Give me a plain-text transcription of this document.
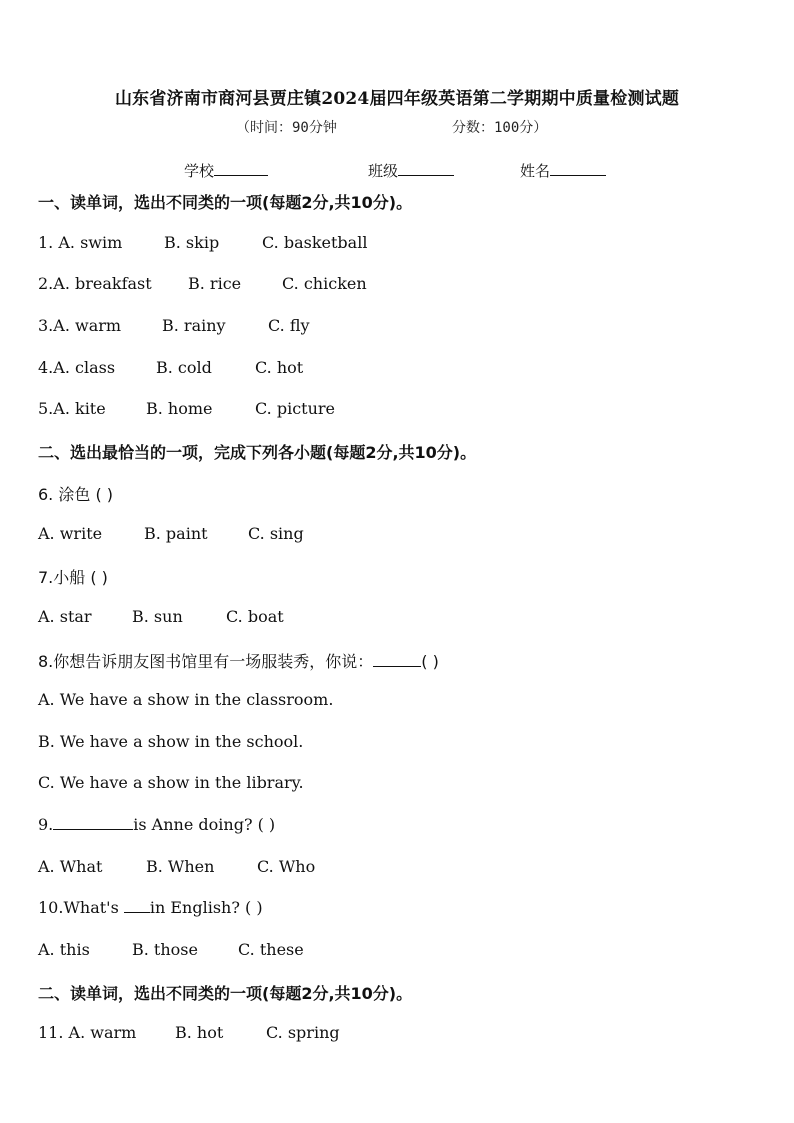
山东省济南市商河县贾庄镇2024届四年级英语第二学期期中质量检测试题
（时间：90分钟	分数：100分）
学校	班级	姓名
一、读单词，选出不同类的一项(每题2分,共10分)。
1. A. swim	B. skip	C. basketball
2.A. breakfast B. rice	C. chicken
3.A. warm	B. rainy	C. fly
4.A. class	B. cold	C. hot
5.A. kite	B. home	C. picture
二、选出最恰当的一项，完成下列各小题(每题2分,共10分)。
6. 涂色 ( )
A. write	B. paint	C. sing
7.小船 ( )
A. star	B. sun	C. boat
8.你想告诉朋友图书馆里有一场服装秀，你说：	( )
A. We have a show in the classroom.
B. We have a show in the school.
C. We have a show in the library.
9.	is Anne doing? ( )
A. What	B. When	C. Who
10.What's in English? ( )
A. this	B. those	C. these
二、读单词，选出不同类的一项(每题2分,共10分)。
11. A. warm B. hot	C. spring
